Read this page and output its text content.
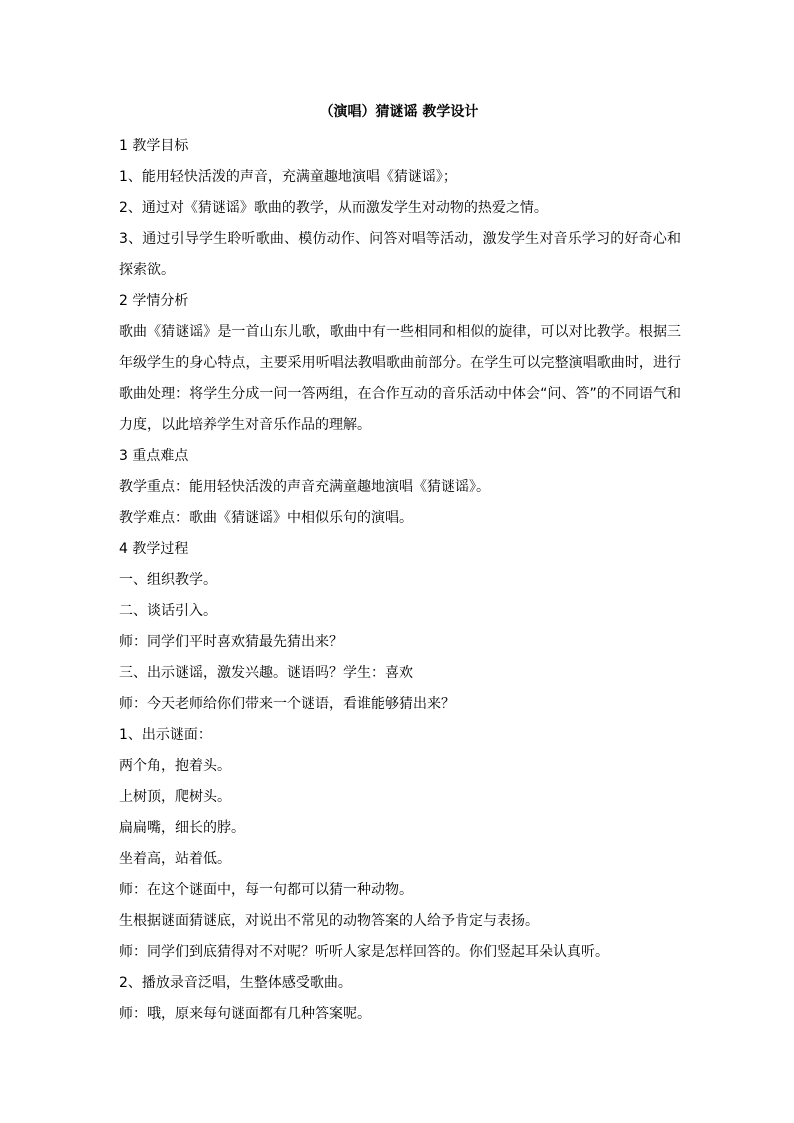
（演唱）猜谜谣 教学设计
1 教学目标
1、能用轻快活泼的声音，充满童趣地演唱《猜谜谣》；
2、通过对《猜谜谣》歌曲的教学，从而激发学生对动物的热爱之情。
3、通过引导学生聆听歌曲、模仿动作、问答对唱等活动，激发学生对音乐学习的好奇心和
探索欲。
2 学情分析
歌曲《猜谜谣》是一首山东儿歌，歌曲中有一些相同和相似的旋律，可以对比教学。根据三
年级学生的身心特点，主要采用听唱法教唱歌曲前部分。在学生可以完整演唱歌曲时，进行
歌曲处理：将学生分成一问一答两组，在合作互动的音乐活动中体会“问、答”的不同语气和
力度，以此培养学生对音乐作品的理解。
3 重点难点
教学重点：能用轻快活泼的声音充满童趣地演唱《猜谜谣》。
教学难点：歌曲《猜谜谣》中相似乐句的演唱。
4 教学过程
一、组织教学。
二、谈话引入。
师：同学们平时喜欢猜最先猜出来？
三、出示谜谣，激发兴趣。谜语吗？学生：喜欢
师：今天老师给你们带来一个谜语，看谁能够猜出来？
1、出示谜面：
两个角，抱着头。
上树顶，爬树头。
扁扁嘴，细长的脖。
坐着高，站着低。
师：在这个谜面中，每一句都可以猜一种动物。
生根据谜面猜谜底，对说出不常见的动物答案的人给予肯定与表扬。
师：同学们到底猜得对不对呢？听听人家是怎样回答的。你们竖起耳朵认真听。
2、播放录音泛唱，生整体感受歌曲。
师：哦，原来每句谜面都有几种答案呢。
